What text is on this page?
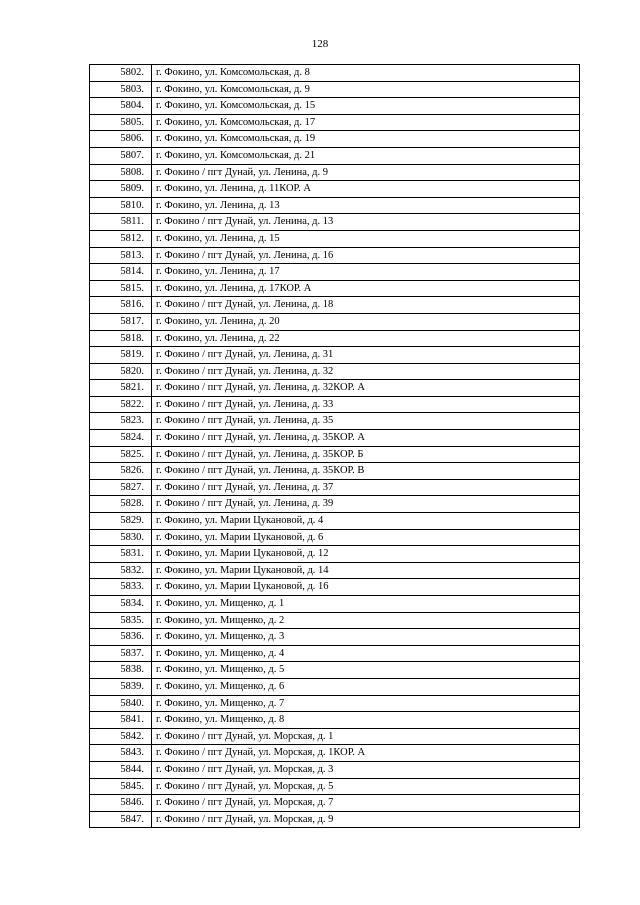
128
5802.	г. Фокино, ул. Комсомольская, д. 8
5803.	г. Фокино, ул. Комсомольская, д. 9
5804.	г. Фокино, ул. Комсомольская, д. 15
5805.	г. Фокино, ул. Комсомольская, д. 17
5806.	г. Фокино, ул. Комсомольская, д. 19
5807.	г. Фокино, ул. Комсомольская, д. 21
5808.	г. Фокино / пгт Дунай, ул. Ленина, д. 9
5809.	г. Фокино, ул. Ленина, д. 11КОР. А
5810.	г. Фокино, ул. Ленина, д. 13
5811.	г. Фокино / пгт Дунай, ул. Ленина, д. 13
5812.	г. Фокино, ул. Ленина, д. 15
5813.	г. Фокино / пгт Дунай, ул. Ленина, д. 16
5814.	г. Фокино, ул. Ленина, д. 17
5815.	г. Фокино, ул. Ленина, д. 17КОР. А
5816.	г. Фокино / пгт Дунай, ул. Ленина, д. 18
5817.	г. Фокино, ул. Ленина, д. 20
5818.	г. Фокино, ул. Ленина, д. 22
5819.	г. Фокино / пгт Дунай, ул. Ленина, д. 31
5820.	г. Фокино / пгт Дунай, ул. Ленина, д. 32
5821.	г. Фокино / пгт Дунай, ул. Ленина, д. 32КОР. А
5822.	г. Фокино / пгт Дунай, ул. Ленина, д. 33
5823.	г. Фокино / пгт Дунай, ул. Ленина, д. 35
5824.	г. Фокино / пгт Дунай, ул. Ленина, д. 35КОР. А
5825.	г. Фокино / пгт Дунай, ул. Ленина, д. 35КОР. Б
5826.	г. Фокино / пгт Дунай, ул. Ленина, д. 35КОР. В
5827.	г. Фокино / пгт Дунай, ул. Ленина, д. 37
5828.	г. Фокино / пгт Дунай, ул. Ленина, д. 39
5829.	г. Фокино, ул. Марии Цукановой, д. 4
5830.	г. Фокино, ул. Марии Цукановой, д. 6
5831.	г. Фокино, ул. Марии Цукановой, д. 12
5832.	г. Фокино, ул. Марии Цукановой, д. 14
5833.	г. Фокино, ул. Марии Цукановой, д. 16
5834.	г. Фокино, ул. Мищенко, д. 1
5835.	г. Фокино, ул. Мищенко, д. 2
5836.	г. Фокино, ул. Мищенко, д. 3
5837.	г. Фокино, ул. Мищенко, д. 4
5838.	г. Фокино, ул. Мищенко, д. 5
5839.	г. Фокино, ул. Мищенко, д. 6
5840.	г. Фокино, ул. Мищенко, д. 7
5841.	г. Фокино, ул. Мищенко, д. 8
5842.	г. Фокино / пгт Дунай, ул. Морская, д. 1
5843.	г. Фокино / пгт Дунай, ул. Морская, д. 1КОР. А
5844.	г. Фокино / пгт Дунай, ул. Морская, д. 3
5845.	г. Фокино / пгт Дунай, ул. Морская, д. 5
5846.	г. Фокино / пгт Дунай, ул. Морская, д. 7
5847.	г. Фокино / пгт Дунай, ул. Морская, д. 9
